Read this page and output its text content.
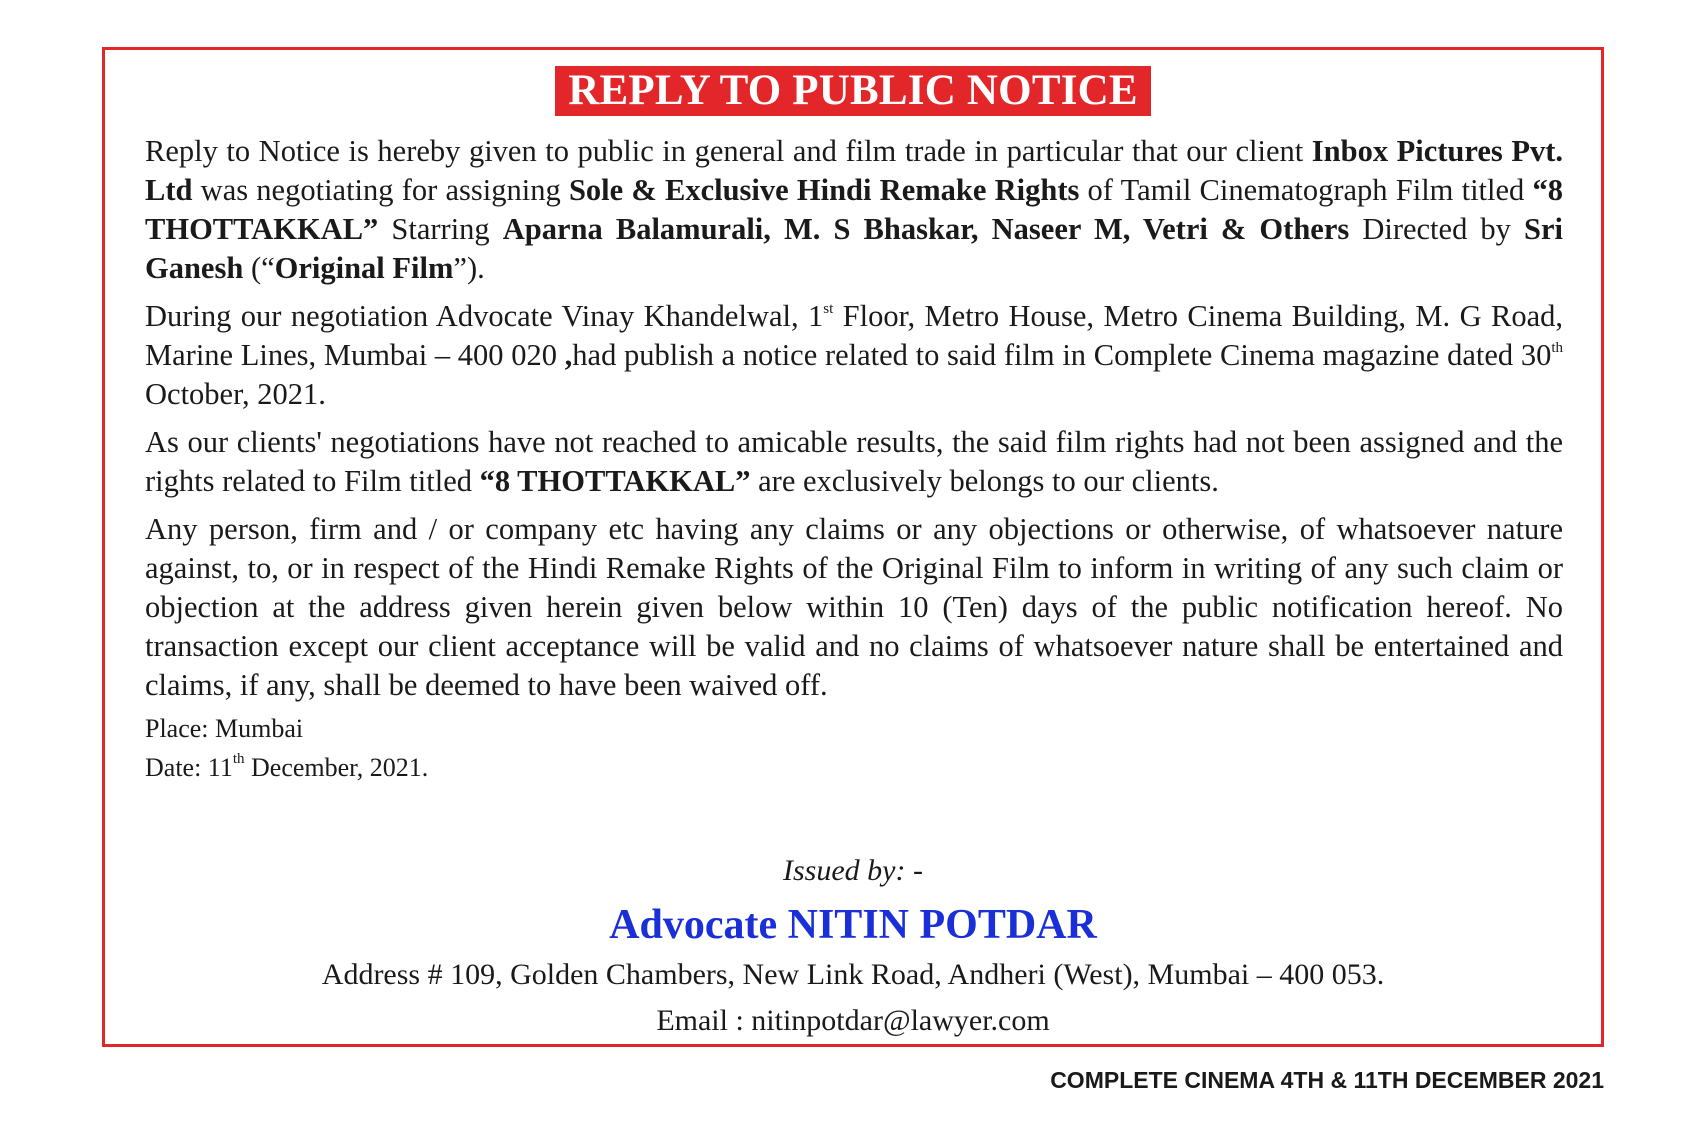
REPLY TO PUBLIC NOTICE

Reply to Notice is hereby given to public in general and film trade in particular that our client Inbox Pictures Pvt. Ltd was negotiating for assigning Sole & Exclusive Hindi Remake Rights of Tamil Cinematograph Film titled “8 THOTTAKKAL” Starring Aparna Balamurali, M. S Bhaskar, Naseer M, Vetri & Others Directed by Sri Ganesh (“Original Film”).

During our negotiation Advocate Vinay Khandelwal, 1st Floor, Metro House, Metro Cinema Building, M. G Road, Marine Lines, Mumbai – 400 020 ,had publish a notice related to said film in Complete Cinema magazine dated 30th October, 2021.

As our clients' negotiations have not reached to amicable results, the said film rights had not been assigned and the rights related to Film titled “8 THOTTAKKAL” are exclusively belongs to our clients.

Any person, firm and / or company etc having any claims or any objections or otherwise, of whatsoever nature against, to, or in respect of the Hindi Remake Rights of the Original Film to inform in writing of any such claim or objection at the address given herein given below within 10 (Ten) days of the public notification hereof. No transaction except our client acceptance will be valid and no claims of whatsoever nature shall be entertained and claims, if any, shall be deemed to have been waived off.

Place: Mumbai

Date: 11th December, 2021.

Issued by: -
Advocate NITIN POTDAR
Address # 109, Golden Chambers, New Link Road, Andheri (West), Mumbai – 400 053.
Email : nitinpotdar@lawyer.com
COMPLETE CINEMA 4TH & 11TH DECEMBER 2021
